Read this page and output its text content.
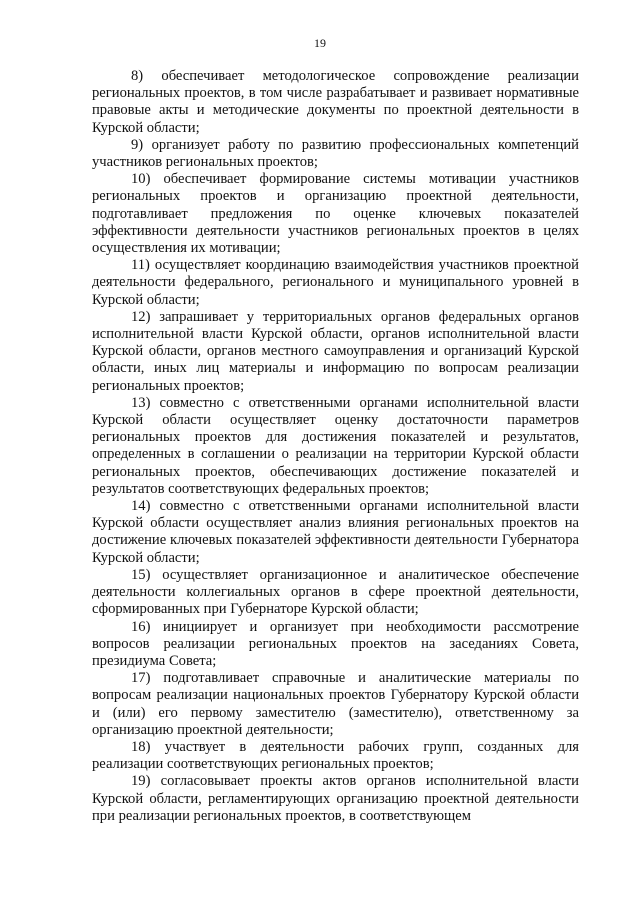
19

8) обеспечивает методологическое сопровождение реализации региональных проектов, в том числе разрабатывает и развивает нормативные правовые акты и методические документы по проектной деятельности в Курской области;

9) организует работу по развитию профессиональных компетенций участников региональных проектов;

10) обеспечивает формирование системы мотивации участников региональных проектов и организацию проектной деятельности, подготавливает предложения по оценке ключевых показателей эффективности деятельности участников региональных проектов в целях осуществления их мотивации;

11) осуществляет координацию взаимодействия участников проектной деятельности федерального, регионального и муниципального уровней в Курской области;

12) запрашивает у территориальных органов федеральных органов исполнительной власти Курской области, органов исполнительной власти Курской области, органов местного самоуправления и организаций Курской области, иных лиц материалы и информацию по вопросам реализации региональных проектов;

13) совместно с ответственными органами исполнительной власти Курской области осуществляет оценку достаточности параметров региональных проектов для достижения показателей и результатов, определенных в соглашении о реализации на территории Курской области региональных проектов, обеспечивающих достижение показателей и результатов соответствующих федеральных проектов;

14) совместно с ответственными органами исполнительной власти Курской области осуществляет анализ влияния региональных проектов на достижение ключевых показателей эффективности деятельности Губернатора Курской области;

15) осуществляет организационное и аналитическое обеспечение деятельности коллегиальных органов в сфере проектной деятельности, сформированных при Губернаторе Курской области;

16) инициирует и организует при необходимости рассмотрение вопросов реализации региональных проектов на заседаниях Совета, президиума Совета;

17) подготавливает справочные и аналитические материалы по вопросам реализации национальных проектов Губернатору Курской области и (или) его первому заместителю (заместителю), ответственному за организацию проектной деятельности;

18) участвует в деятельности рабочих групп, созданных для реализации соответствующих региональных проектов;

19) согласовывает проекты актов органов исполнительной власти Курской области, регламентирующих организацию проектной деятельности при реализации региональных проектов, в соответствующем
